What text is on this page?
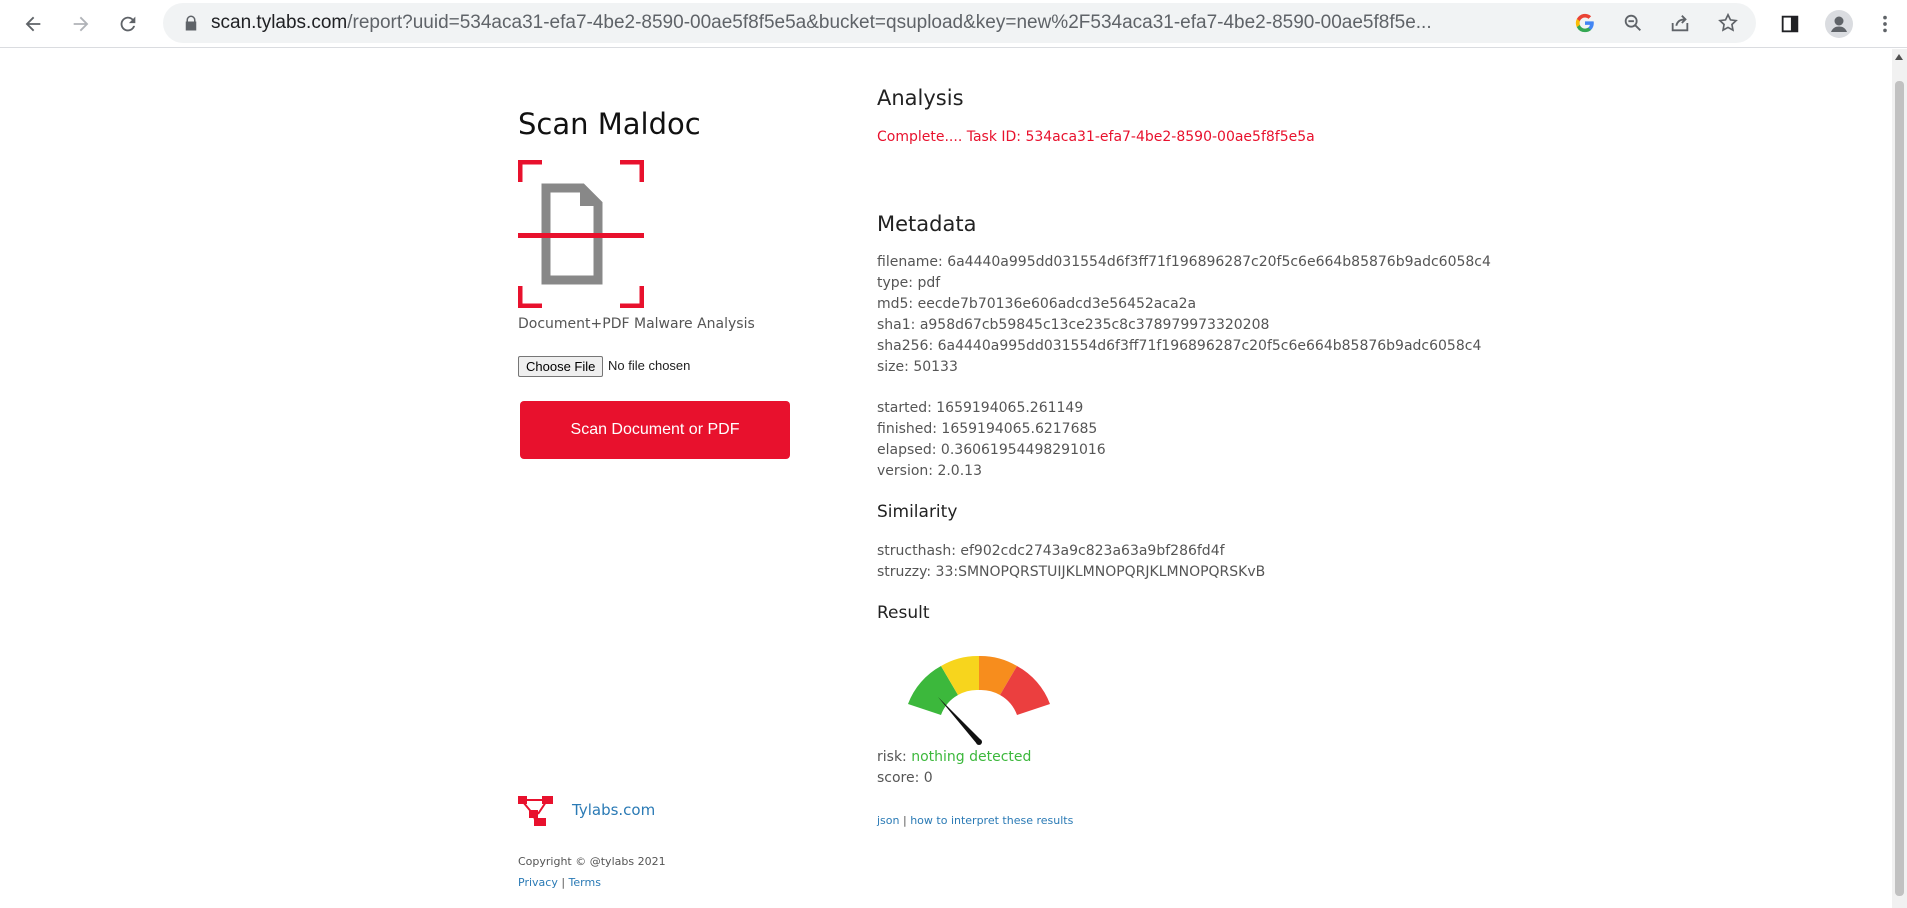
scan.tylabs.com/report?uuid=534aca31-efa7-4be2-8590-00ae5f8f5e5a&bucket=qsupload&key=new%2F534aca31-efa7-4be2-8590-00ae5f8f5e...
Scan Maldoc
Document+PDF Malware Analysis
Choose File No file chosen
Scan Document or PDF
Tylabs.com
Copyright © @tylabs 2021
Privacy | Terms
Analysis
Complete.... Task ID: 534aca31-efa7-4be2-8590-00ae5f8f5e5a
Metadata
filename: 6a4440a995dd031554d6f3ff71f196896287c20f5c6e664b85876b9adc6058c4
type: pdf
md5: eecde7b70136e606adcd3e56452aca2a
sha1: a958d67cb59845c13ce235c8c378979973320208
sha256: 6a4440a995dd031554d6f3ff71f196896287c20f5c6e664b85876b9adc6058c4
size: 50133
started: 1659194065.261149
finished: 1659194065.6217685
elapsed: 0.36061954498291016
version: 2.0.13
Similarity
structhash: ef902cdc2743a9c823a63a9bf286fd4f
struzzy: 33:SMNOPQRSTUIJKLMNOPQRJKLMNOPQRSKvB
Result
risk: nothing detected
score: 0
json | how to interpret these results
